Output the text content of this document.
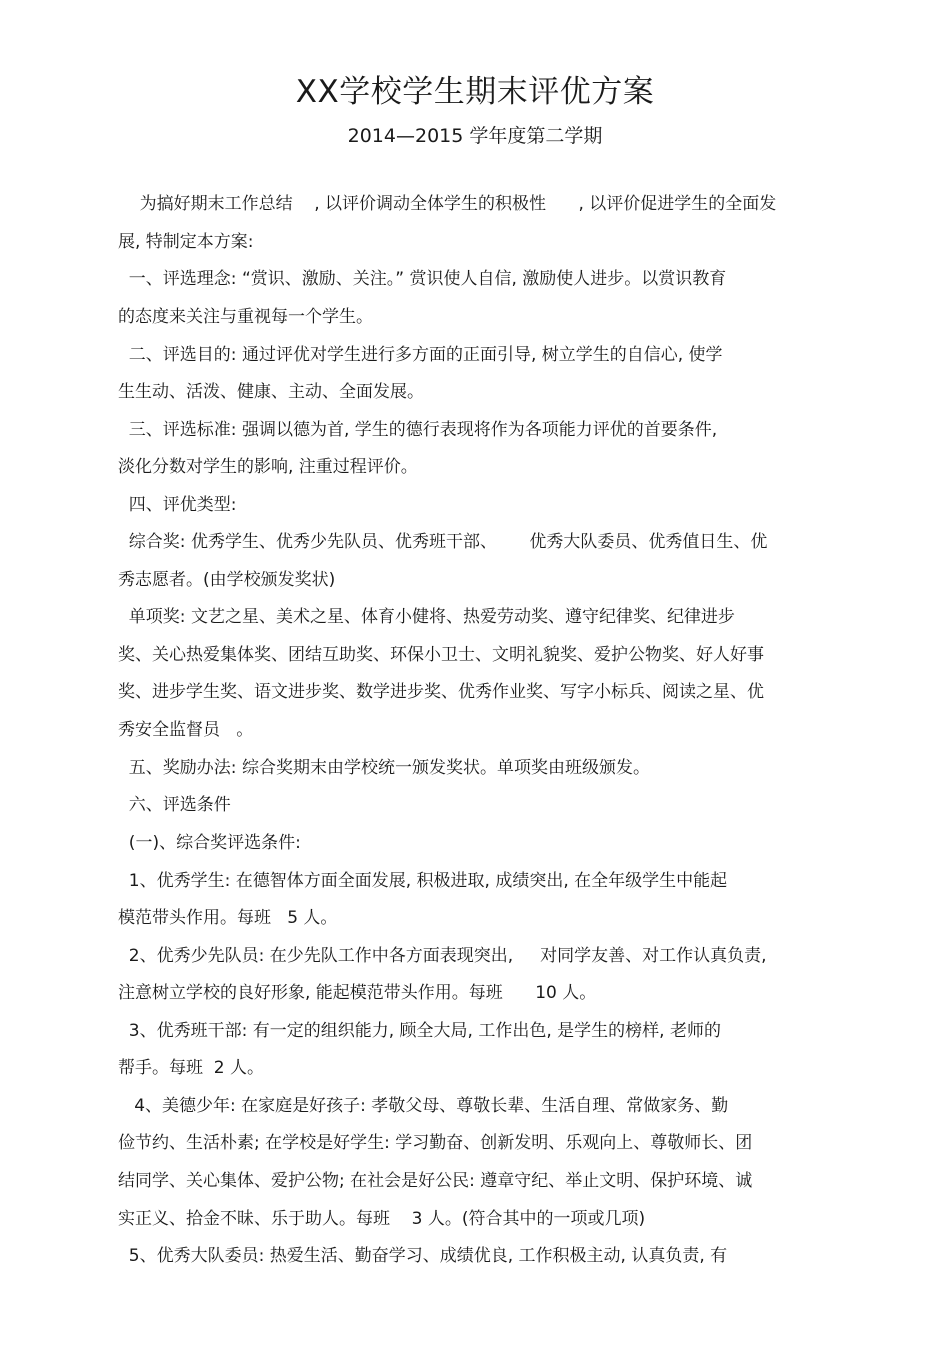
XX学校学生期末评优方案
2014—2015 学年度第二学期
为搞好期末工作总结    , 以评价调动全体学生的积极性      , 以评价促进学生的全面发
展, 特制定本方案:
一、评选理念: “赏识、激励、关注。” 赏识使人自信, 激励使人进步。以赏识教育
的态度来关注与重视每一个学生。
二、评选目的: 通过评优对学生进行多方面的正面引导, 树立学生的自信心, 使学
生生动、活泼、健康、主动、全面发展。
三、评选标准: 强调以德为首, 学生的德行表现将作为各项能力评优的首要条件,
淡化分数对学生的影响, 注重过程评价。
四、评优类型:
综合奖: 优秀学生、优秀少先队员、优秀班干部、      优秀大队委员、优秀值日生、优
秀志愿者。(由学校颁发奖状)
单项奖: 文艺之星、美术之星、体育小健将、热爱劳动奖、遵守纪律奖、纪律进步
奖、关心热爱集体奖、团结互助奖、环保小卫士、文明礼貌奖、爱护公物奖、好人好事
奖、进步学生奖、语文进步奖、数学进步奖、优秀作业奖、写字小标兵、阅读之星、优
秀安全监督员   。
五、奖励办法: 综合奖期末由学校统一颁发奖状。单项奖由班级颁发。
六、评选条件
(一)、综合奖评选条件:
1、优秀学生: 在德智体方面全面发展, 积极进取, 成绩突出, 在全年级学生中能起
模范带头作用。每班   5 人。
2、优秀少先队员: 在少先队工作中各方面表现突出,     对同学友善、对工作认真负责,
注意树立学校的良好形象, 能起模范带头作用。每班      10 人。
3、优秀班干部: 有一定的组织能力, 顾全大局, 工作出色, 是学生的榜样, 老师的
帮手。每班  2 人。
4、美德少年: 在家庭是好孩子: 孝敬父母、尊敬长辈、生活自理、常做家务、勤
俭节约、生活朴素; 在学校是好学生: 学习勤奋、创新发明、乐观向上、尊敬师长、团
结同学、关心集体、爱护公物; 在社会是好公民: 遵章守纪、举止文明、保护环境、诚
实正义、拾金不昧、乐于助人。每班    3 人。(符合其中的一项或几项)
5、优秀大队委员: 热爱生活、勤奋学习、成绩优良, 工作积极主动, 认真负责, 有
